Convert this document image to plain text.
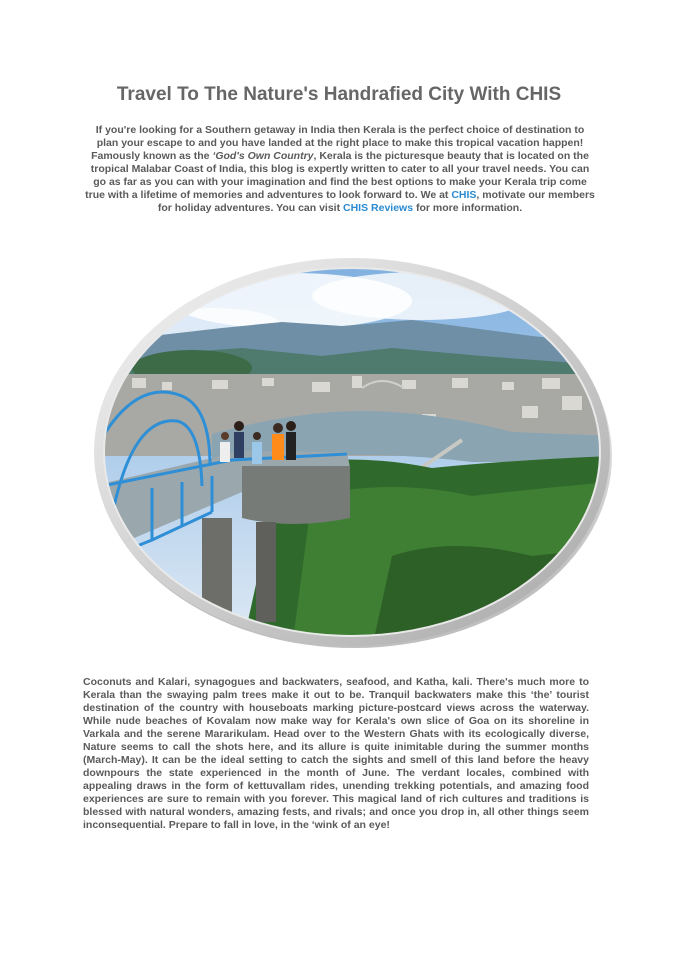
Travel To The Nature's Handrafied City With CHIS
If you're looking for a Southern getaway in India then Kerala is the perfect choice of destination to plan your escape to and you have landed at the right place to make this tropical vacation happen! Famously known as the ‘God's Own Country, Kerala is the picturesque beauty that is located on the tropical Malabar Coast of India, this blog is expertly written to cater to all your travel needs. You can go as far as you can with your imagination and find the best options to make your Kerala trip come true with a lifetime of memories and adventures to look forward to. We at CHIS, motivate our members for holiday adventures. You can visit CHIS Reviews for more information.
Coconuts and Kalari, synagogues and backwaters, seafood, and Katha, kali. There's much more to Kerala than the swaying palm trees make it out to be. Tranquil backwaters make this ‘the’ tourist destination of the country with houseboats marking picture-postcard views across the waterway. While nude beaches of Kovalam now make way for Kerala's own slice of Goa on its shoreline in Varkala and the serene Mararikulam. Head over to the Western Ghats with its ecologically diverse, Nature seems to call the shots here, and its allure is quite inimitable during the summer months (March-May). It can be the ideal setting to catch the sights and smell of this land before the heavy downpours the state experienced in the month of June. The verdant locales, combined with appealing draws in the form of kettuvallam rides, unending trekking potentials, and amazing food experiences are sure to remain with you forever. This magical land of rich cultures and traditions is blessed with natural wonders, amazing fests, and rivals; and once you drop in, all other things seem inconsequential. Prepare to fall in love, in the ‘wink of an eye!
